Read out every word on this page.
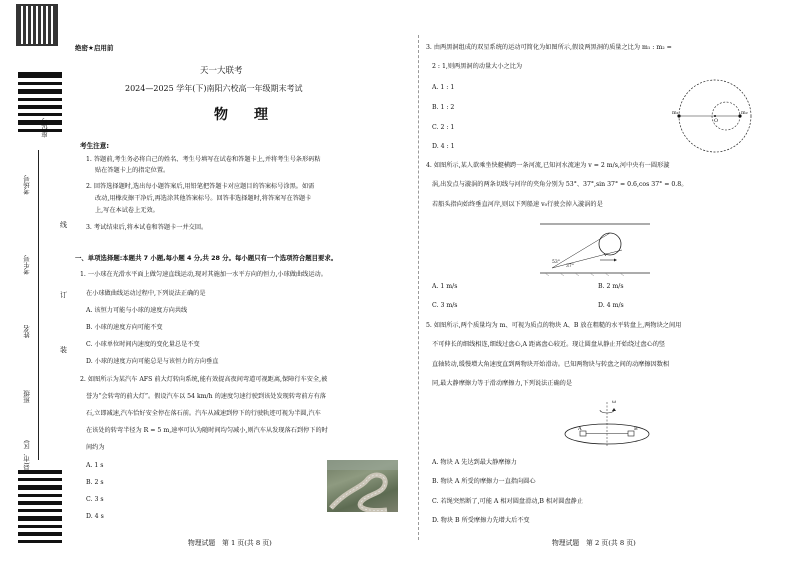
座位号
考场号
考生号
姓名
班级
县(市、区)
线
订
装
绝密★启用前
天一大联考
2024—2025 学年(下)南阳六校高一年级期末考试
物　理
考生注意:
1. 答题前,考生务必将自己的姓名、考生号填写在试卷和答题卡上,并将考生号条形码粘
贴在答题卡上的指定位置。
2. 回答选择题时,选出每小题答案后,用铅笔把答题卡对应题目的答案标号涂黑。如需
改动,用橡皮擦干净后,再选涂其他答案标号。回答非选择题时,将答案写在答题卡
上,写在本试卷上无效。
3. 考试结束后,将本试卷和答题卡一并交回。
一、单项选择题:本题共 7 小题,每小题 4 分,共 28 分。每小题只有一个选项符合题目要求。
1. 一小球在光滑水平面上做匀速直线运动,现对其施加一水平方向的恒力,小球做曲线运动。
在小球做曲线运动过程中,下列说法正确的是
A. 该恒力可能与小球的速度方向共线
B. 小球的速度方向可能不变
C. 小球单位时间内速度的变化量总是不变
D. 小球的速度方向可能总是与该恒力的方向垂直
2. 如图所示为某汽车 AFS 前大灯转向系统,能有效提高夜间弯道可视距离,保障行车安全,被
誉为“会转弯的前大灯”。假设汽车以 54 km/h 的速度匀速行驶到该处发现转弯前方有落
石,立即减速,汽车恰好安全停在落石前。汽车从减速到停下的行驶轨迹可视为半圆,汽车
在该处的转弯半径为 R = 5 m,速率可认为随时间均匀减小,则汽车从发现落石到停下的时
间约为
A. 1 s
B. 2 s
C. 3 s
D. 4 s
物理试题　第 1 页(共 8 页)
3. 由两黑洞组成的双星系统的运动可简化为如图所示,假设两黑洞的质量之比为 m₁ : m₂ =
2 : 1,则两黑洞的动量大小之比为
A. 1 : 1
B. 1 : 2
C. 2 : 1
D. 4 : 1
m₁	m₂
O
4. 如图所示,某人欲乘坐快艇横跨一条河流,已知河水流速为 v = 2 m/s,河中央有一圆形漩
涡,出发点与漩涡的两条切线与河岸的夹角分别为 53°、37°,sin 37° = 0.6,cos 37° = 0.8。
若船头指向始终垂直河岸,则以下列船速 v₀行驶会掉入漩涡的是
v
53°
37°
A. 1 m/s	B. 2 m/s
C. 3 m/s	D. 4 m/s
5. 如图所示,两个质量均为 m、可视为质点的物块 A、B 放在粗糙的水平转盘上,两物块之间用
不可伸长的细线相连,细线过盘心,A 距离盘心较近。现让圆盘从静止开始绕过盘心的竖
直轴转动,缓慢增大角速度直到两物块开始滑动。已知两物块与转盘之间的动摩擦因数相
同,最大静摩擦力等于滑动摩擦力,下列说法正确的是
ω
A	B
A. 物块 A 先达到最大静摩擦力
B. 物块 A 所受的摩擦力一直指向圆心
C. 若绳突然断了,可能 A 相对圆盘滑动,B 相对圆盘静止
D. 物块 B 所受摩擦力先增大后不变
物理试题　第 2 页(共 8 页)
